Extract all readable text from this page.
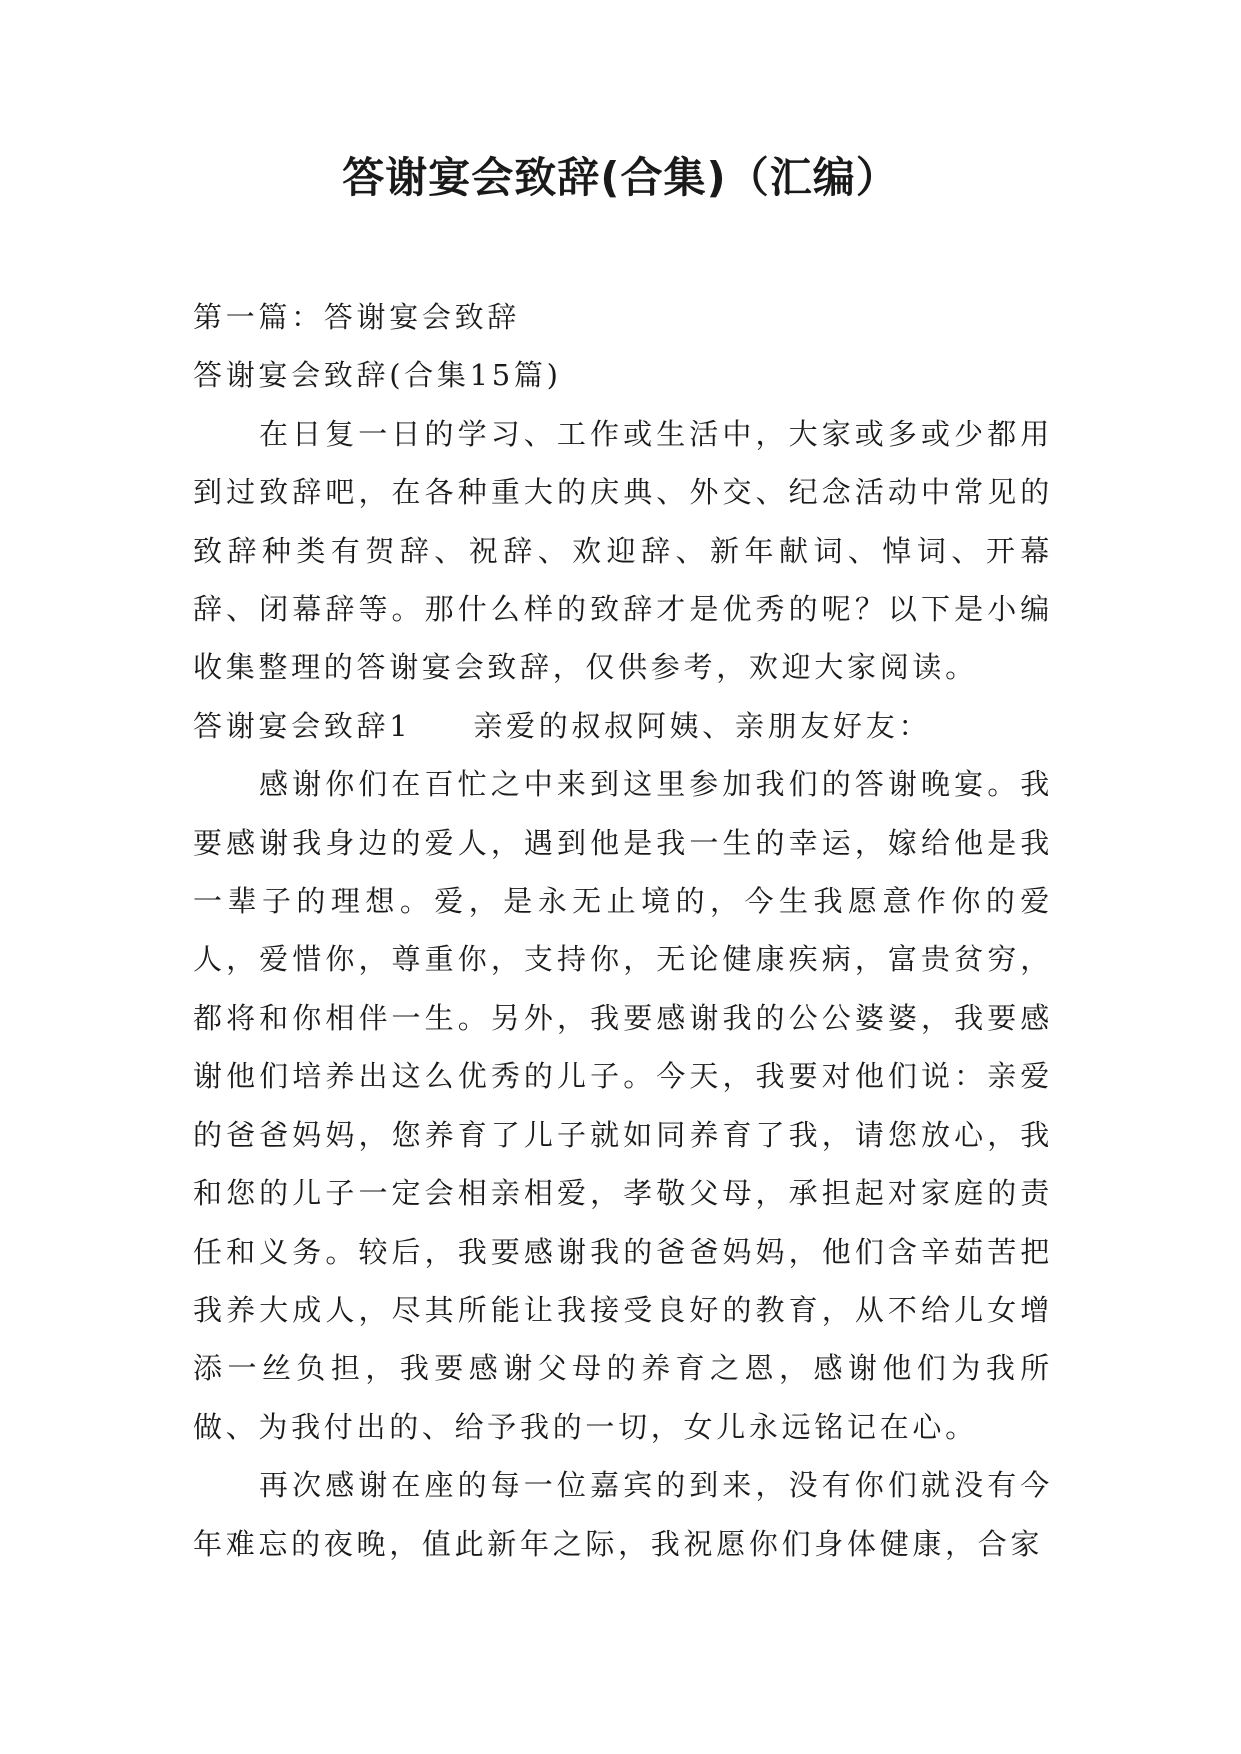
答谢宴会致辞(合集)（汇编）

第一篇：答谢宴会致辞

答谢宴会致辞(合集15篇)

在日复一日的学习、工作或生活中，大家或多或少都用到过致辞吧，在各种重大的庆典、外交、纪念活动中常见的致辞种类有贺辞、祝辞、欢迎辞、新年献词、悼词、开幕辞、闭幕辞等。那什么样的致辞才是优秀的呢？以下是小编收集整理的答谢宴会致辞，仅供参考，欢迎大家阅读。

答谢宴会致辞1 亲爱的叔叔阿姨、亲朋友好友：

感谢你们在百忙之中来到这里参加我们的答谢晚宴。我要感谢我身边的爱人，遇到他是我一生的幸运，嫁给他是我一辈子的理想。爱，是永无止境的，今生我愿意作你的爱人，爱惜你，尊重你，支持你，无论健康疾病，富贵贫穷，都将和你相伴一生。另外，我要感谢我的公公婆婆，我要感谢他们培养出这么优秀的儿子。今天，我要对他们说：亲爱的爸爸妈妈，您养育了儿子就如同养育了我，请您放心，我和您的儿子一定会相亲相爱，孝敬父母，承担起对家庭的责任和义务。较后，我要感谢我的爸爸妈妈，他们含辛茹苦把我养大成人，尽其所能让我接受良好的教育，从不给儿女增添一丝负担，我要感谢父母的养育之恩，感谢他们为我所做、为我付出的、给予我的一切，女儿永远铭记在心。

再次感谢在座的每一位嘉宾的到来，没有你们就没有今年难忘的夜晚，值此新年之际，我祝愿你们身体健康，合家
